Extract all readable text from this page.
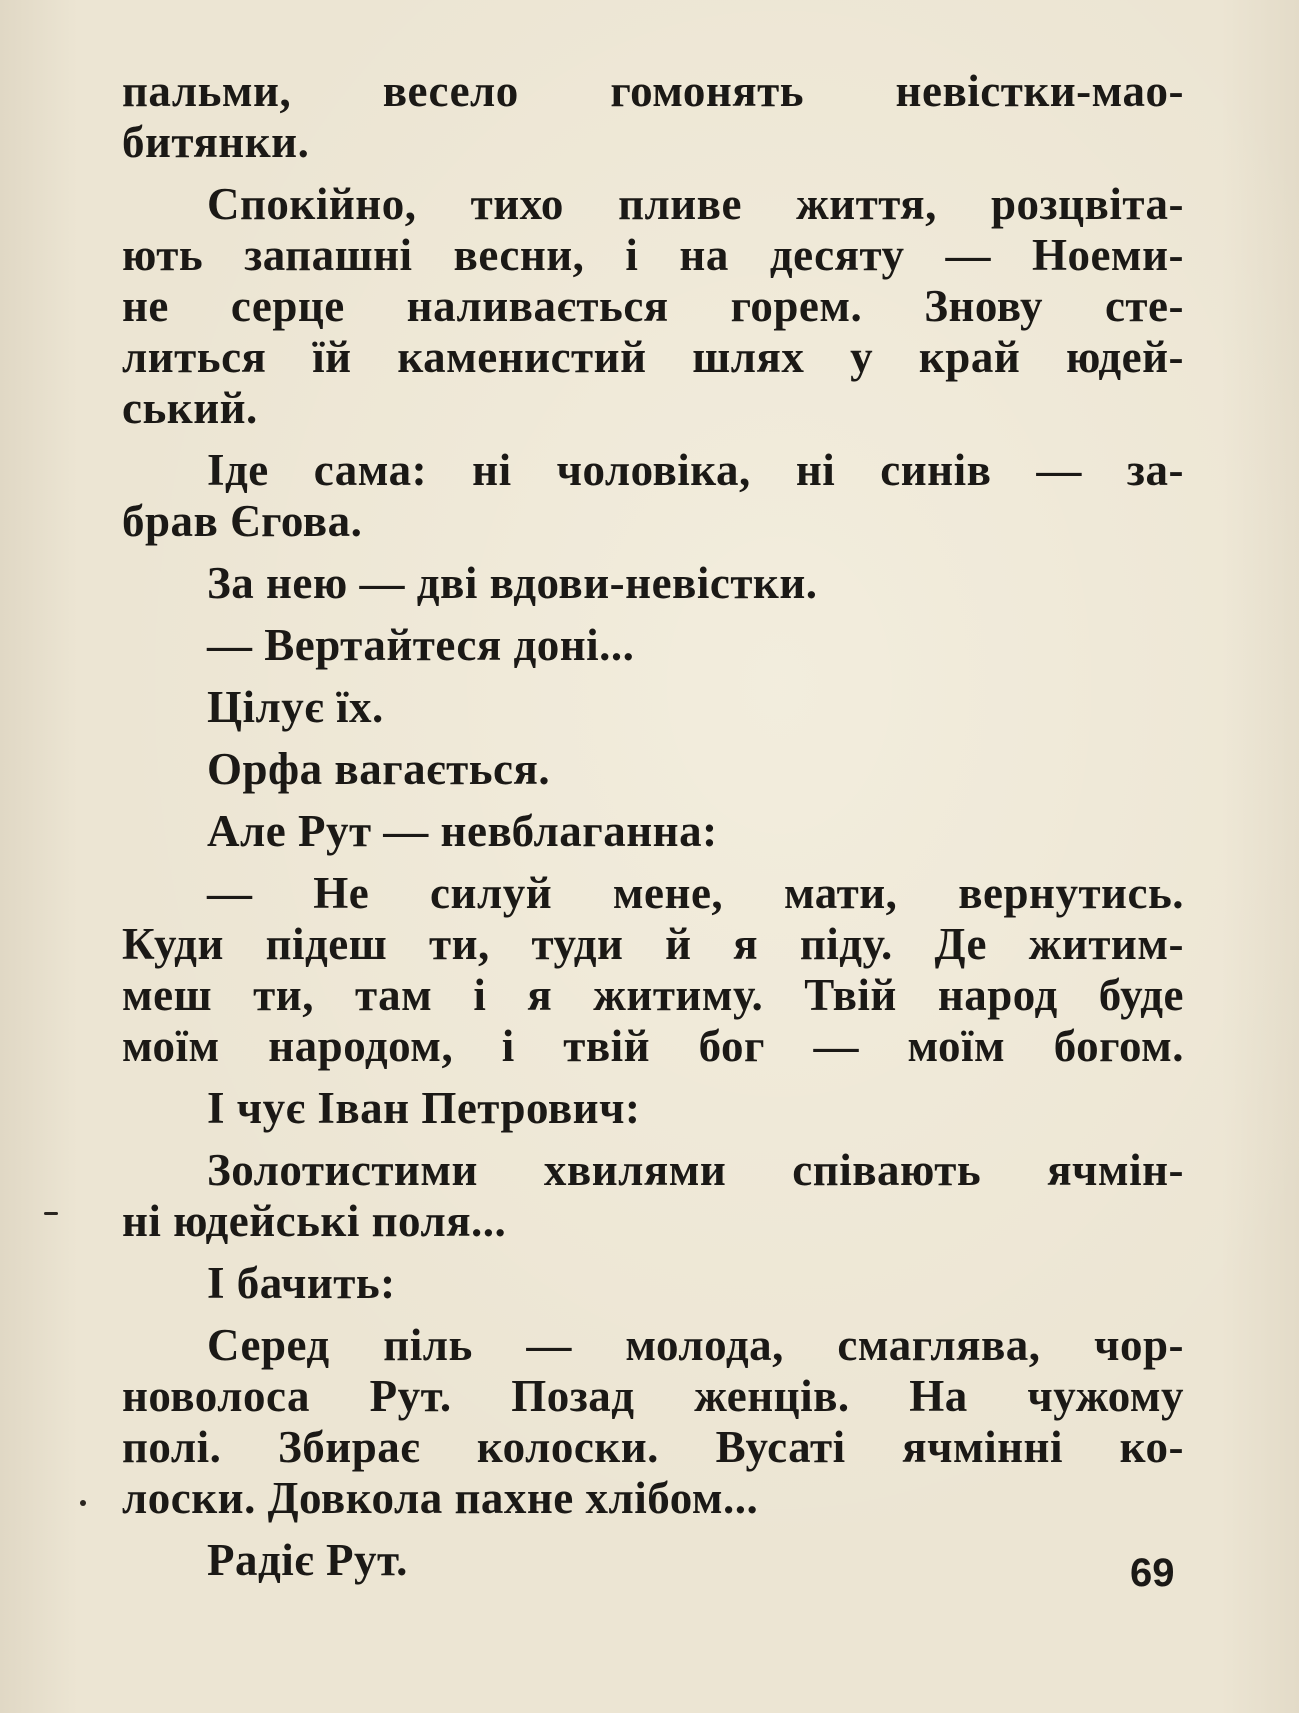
пальми, весело гомонять невістки-мао-
битянки.

Спокійно, тихо пливе життя, розцвіта-
ють запашні весни, і на десяту — Ноеми-
не серце наливається горем. Знову сте-
литься їй каменистий шлях у край юдей-
ський.

Іде сама: ні чоловіка, ні синів — за-
брав Єгова.

За нею — дві вдови-невістки.

— Вертайтеся доні...

Цілує їх.

Орфа вагається.

Але Рут — невблаганна:

— Не силуй мене, мати, вернутись.
Куди підеш ти, туди й я піду. Де житим-
меш ти, там і я житиму. Твій народ буде
моїм народом, і твій бог — моїм богом.

І чує Іван Петрович:

Золотистими хвилями співають ячмін-
ні юдейські поля...

І бачить:

Серед піль — молода, смаглява, чор-
новолоса Рут. Позад женців. На чужому
полі. Збирає колоски. Вусаті ячмінні ко-
лоски. Довкола пахне хлібом...

Радіє Рут.	69
